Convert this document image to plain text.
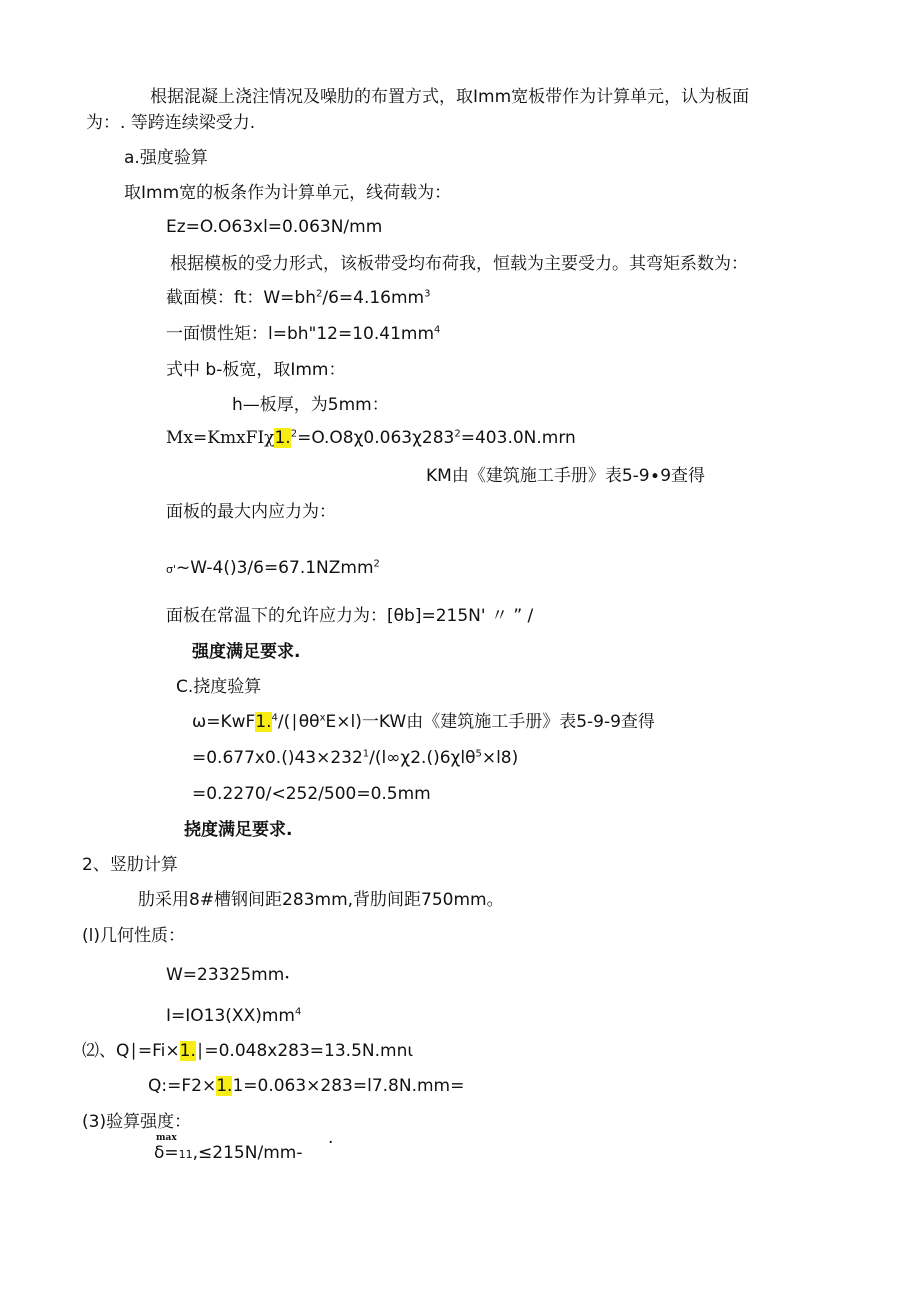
根据混凝上浇注情况及噪肋的布置方式，取Imm宽板带作为计算单元，认为板面
为：. 等跨连续梁受力.
a.强度验算
取Imm宽的板条作为计算单元，线荷载为：
Ez=O.O63xl=0.063N∕mm
根据模板的受力形式，该板带受均布荷我，恒载为主要受力。其弯矩系数为：
截面模：ft：$W=bh^2∕6=4.16mm^3$
一面惯性矩：$l=bh"12=10.41mm^4$
式中 b-板宽，取Imm：
h—板厚，为5mm：
$Mx=KmxFI\chi 1.^2=O.O8\chi 0.063\chi 283^2=403.0N.mrn$
KM由《建筑施工手册》表5-9∙9查得
面板的最大内应力为：
σ'~W-4()3∕6=67.1NZmm$^2$
面板在常温下的允许应力为：[θb]=215N' 〃 ” /
强度满足要求.
C.挠度验算
$\omega=KwF1.^4/(∣\theta\theta^xE\times l)$一KW由《建筑施工手册》表5-9-9查得
$=0.677x0.()43\times 232^1/(l\infty\chi 2.()6\chi l\theta^5\times l8)$
=0.2270∕<252∕500=0.5mm
挠度满足要求.
2、竖肋计算
肋采用8#槽钢间距283mm,背肋间距750mm。
(l)几何性质：
W=23325mm∙
$I=IO13(XX)mm^4$
⑵、Q∣=Fi×1.∣=0.048x283=13.5N.mnι
Q:=F2×1.1=0.063×283=l7.8N.mm=
(3)验算强度：
max
δ=11,≤215N/mm-
.
